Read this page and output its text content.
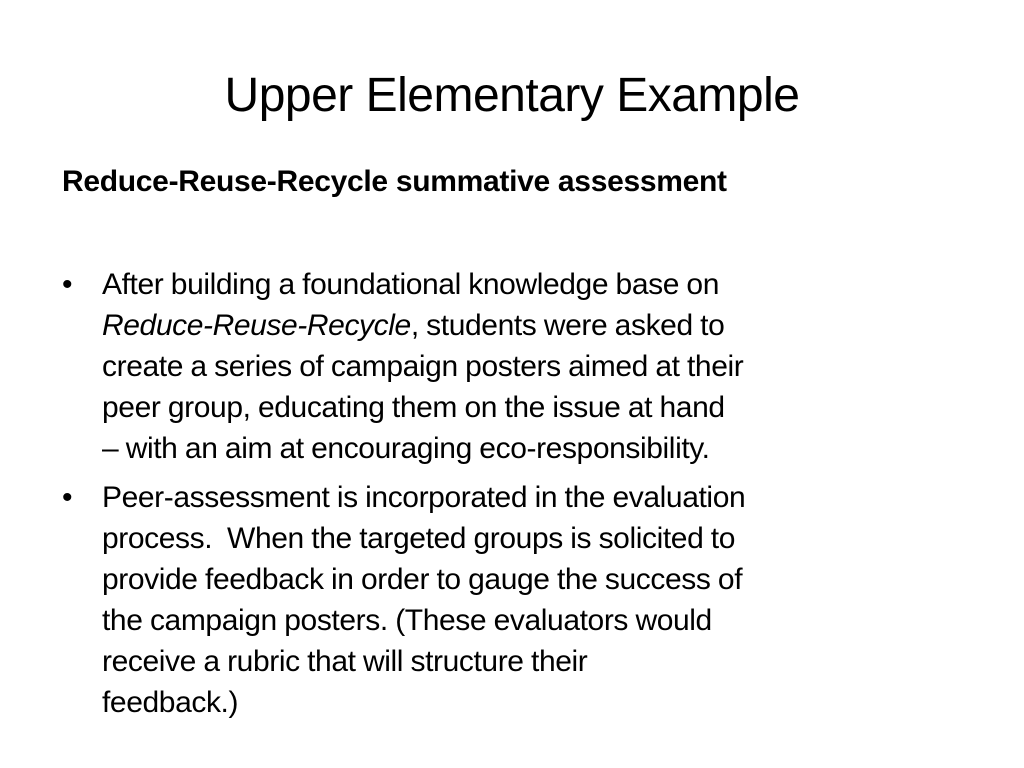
Upper Elementary Example

Reduce-Reuse-Recycle summative assessment

• After building a foundational knowledge base on
Reduce-Reuse-Recycle, students were asked to
create a series of campaign posters aimed at their
peer group, educating them on the issue at hand
– with an aim at encouraging eco-responsibility.
• Peer-assessment is incorporated in the evaluation
process.  When the targeted groups is solicited to
provide feedback in order to gauge the success of
the campaign posters. (These evaluators would
receive a rubric that will structure their
feedback.)
